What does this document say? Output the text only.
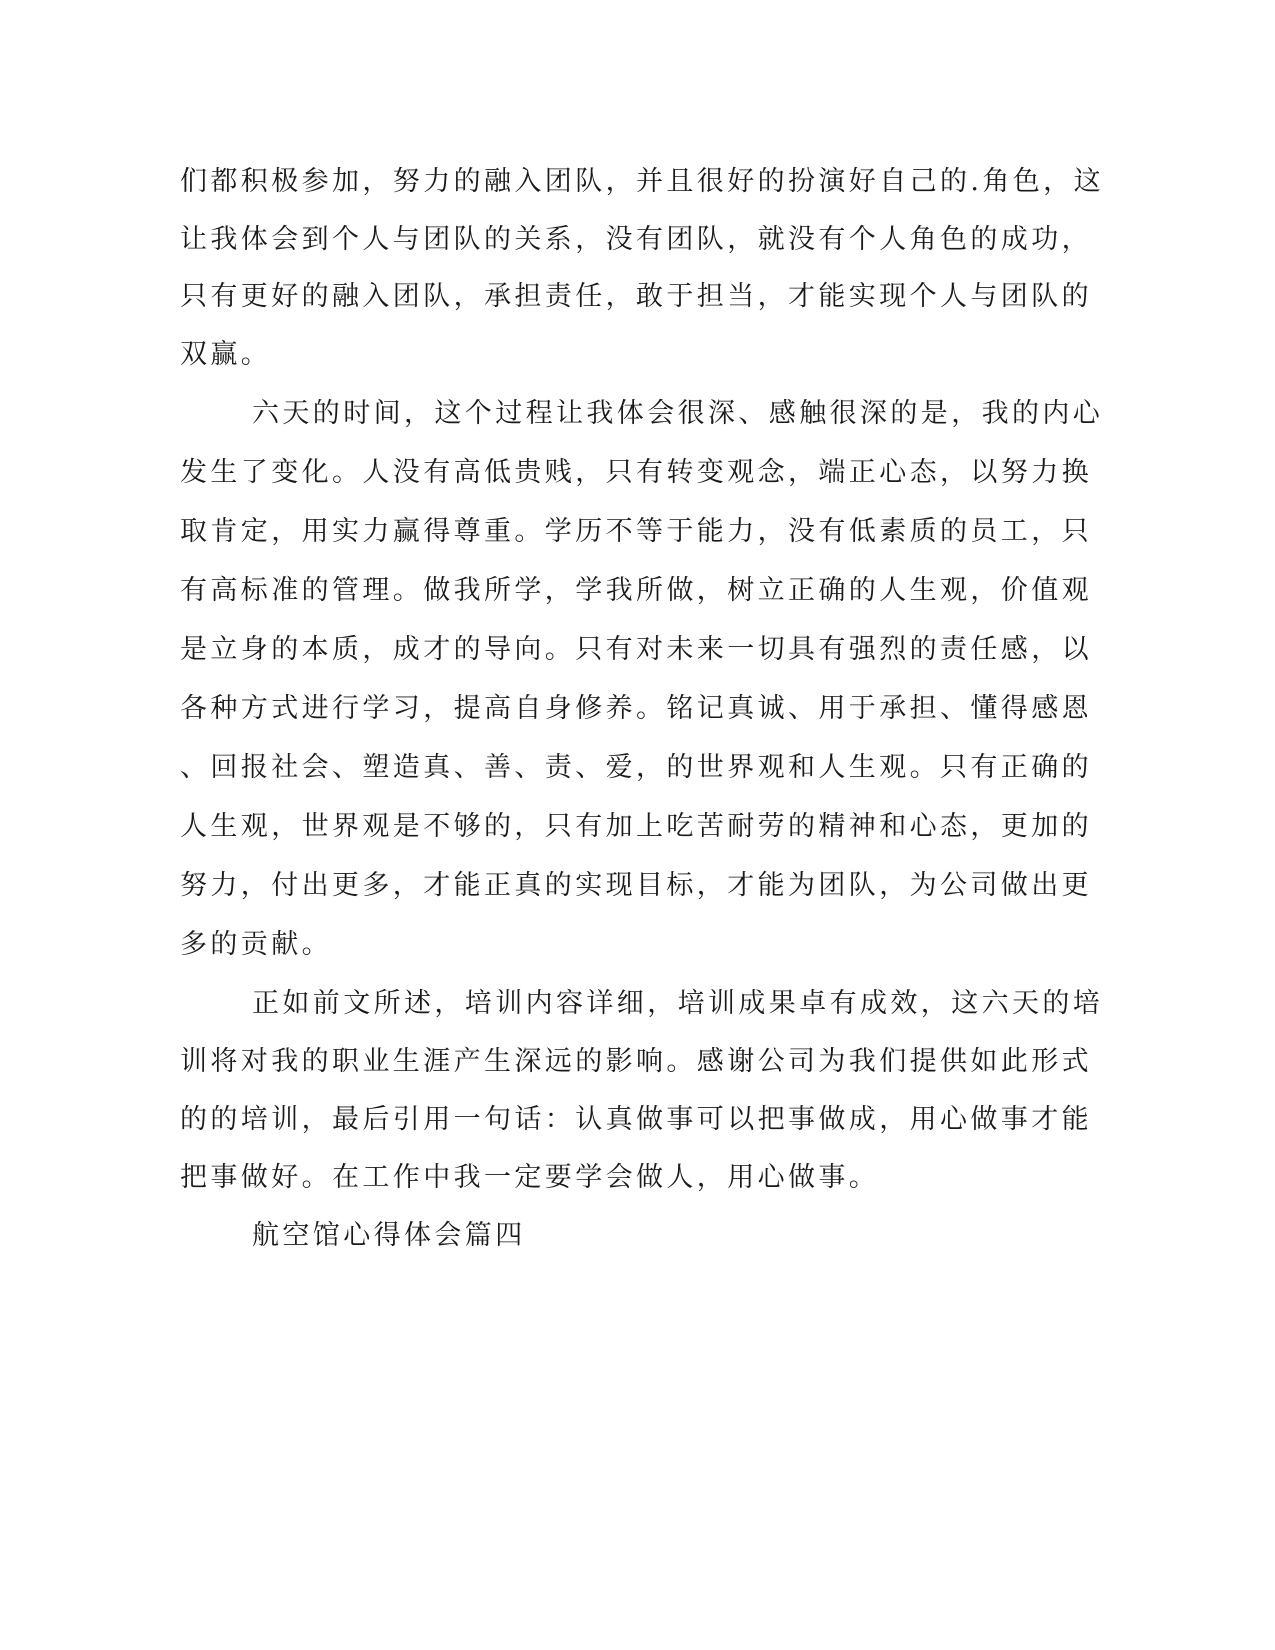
们都积极参加，努力的融入团队，并且很好的扮演好自己的.角色，这
让我体会到个人与团队的关系，没有团队，就没有个人角色的成功，
只有更好的融入团队，承担责任，敢于担当，才能实现个人与团队的
双赢。
六天的时间，这个过程让我体会很深、感触很深的是，我的内心
发生了变化。人没有高低贵贱，只有转变观念，端正心态，以努力换
取肯定，用实力赢得尊重。学历不等于能力，没有低素质的员工，只
有高标准的管理。做我所学，学我所做，树立正确的人生观，价值观
是立身的本质，成才的导向。只有对未来一切具有强烈的责任感，以
各种方式进行学习，提高自身修养。铭记真诚、用于承担、懂得感恩
、回报社会、塑造真、善、责、爱，的世界观和人生观。只有正确的
人生观，世界观是不够的，只有加上吃苦耐劳的精神和心态，更加的
努力，付出更多，才能正真的实现目标，才能为团队，为公司做出更
多的贡献。
正如前文所述，培训内容详细，培训成果卓有成效，这六天的培
训将对我的职业生涯产生深远的影响。感谢公司为我们提供如此形式
的的培训，最后引用一句话：认真做事可以把事做成，用心做事才能
把事做好。在工作中我一定要学会做人，用心做事。
航空馆心得体会篇四
